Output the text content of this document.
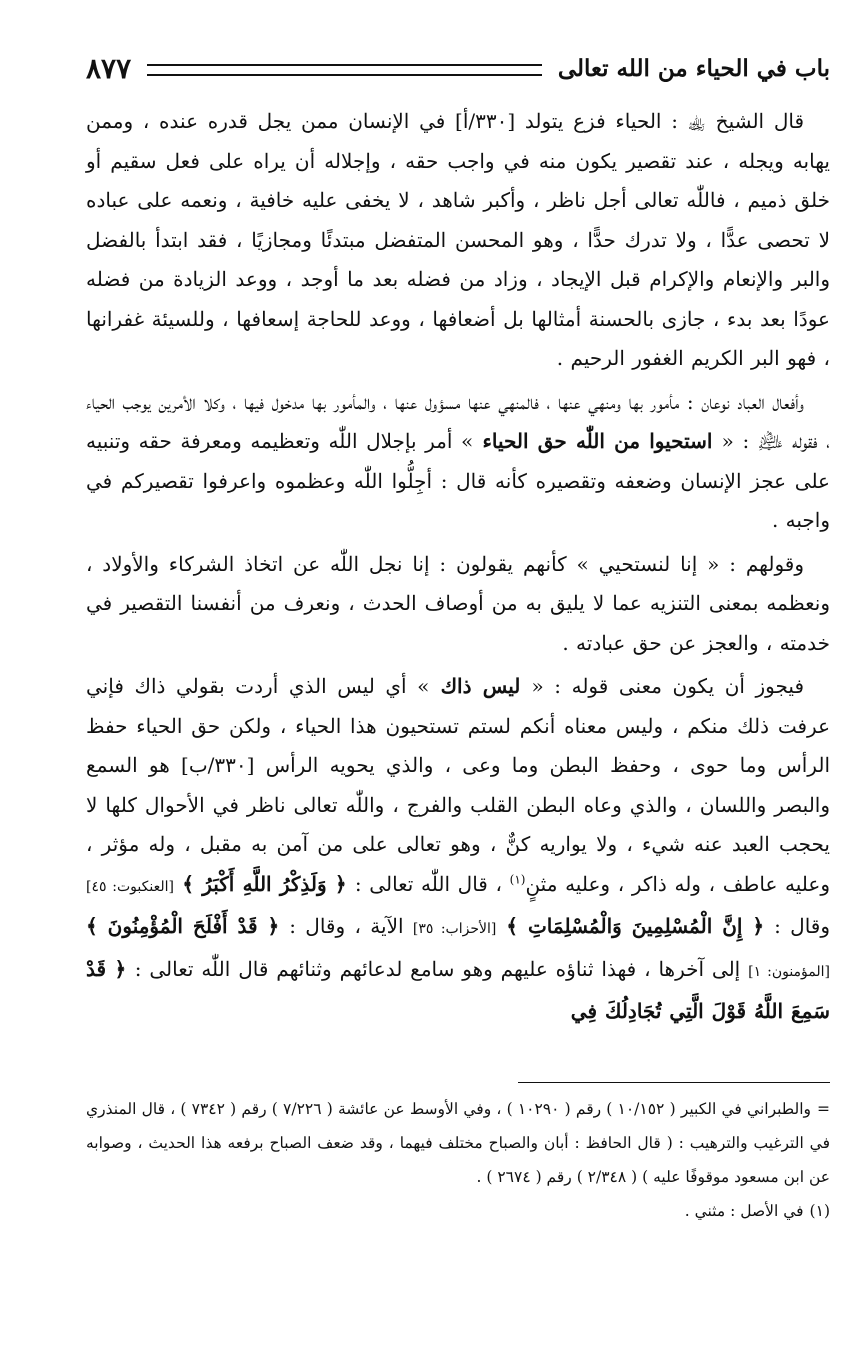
باب في الحياء من الله تعالى
٨٧٧

قال الشيخ ﵀ : الحياء فزع يتولد [٣٣٠/أ] في الإنسان ممن يجل قدره عنده ، وممن يهابه ويجله ، عند تقصير يكون منه في واجب حقه ، وإجلاله أن يراه على فعل سقيم أو خلق ذميم ، فاللّٰه تعالى أجل ناظر ، وأكبر شاهد ، لا يخفى عليه خافية ، ونعمه على عباده لا تحصى عدًّا ، ولا تدرك حدًّا ، وهو المحسن المتفضل مبتدئًا ومجازيًا ، فقد ابتدأ بالفضل والبر والإنعام والإكرام قبل الإيجاد ، وزاد من فضله بعد ما أوجد ، ووعد الزيادة من فضله عودًا بعد بدء ، جازى بالحسنة أمثالها بل أضعافها ، ووعد للحاجة إسعافها ، وللسيئة غفرانها ، فهو البر الكريم الغفور الرحيم .

وأفعال العباد نوعان : مأمور بها ومنهي عنها ، فالمنهي عنها مسؤول عنها ، والمأمور بها مدخول فيها ، وكلا الأمرين يوجب الحياء ، فقوله ﵇ : « استحيوا من اللّٰه حق الحياء » أمر بإجلال اللّٰه وتعظيمه ومعرفة حقه وتنبيه على عجز الإنسان وضعفه وتقصيره كأنه قال : أجِلُّوا اللّٰه وعظموه واعرفوا تقصيركم في واجبه .

وقولهم : « إنا لنستحيي » كأنهم يقولون : إنا نجل اللّٰه عن اتخاذ الشركاء والأولاد ، ونعظمه بمعنى التنزيه عما لا يليق به من أوصاف الحدث ، ونعرف من أنفسنا التقصير في خدمته ، والعجز عن حق عبادته .

فيجوز أن يكون معنى قوله : « ليس ذاك » أي ليس الذي أردت بقولي ذاك فإني عرفت ذلك منكم ، وليس معناه أنكم لستم تستحيون هذا الحياء ، ولكن حق الحياء حفظ الرأس وما حوى ، وحفظ البطن وما وعى ، والذي يحويه الرأس [٣٣٠/ب] هو السمع والبصر واللسان ، والذي وعاه البطن القلب والفرج ، واللّٰه تعالى ناظر في الأحوال كلها لا يحجب العبد عنه شيء ، ولا يواريه كنٌّ ، وهو تعالى على من آمن به مقبل ، وله مؤثر ، وعليه عاطف ، وله ذاكر ، وعليه مثنٍ$^{(١)}$ ، قال اللّٰه تعالى : ﴿ وَلَذِكْرُ اللَّهِ أَكْبَرُ ﴾ [العنكبوت: ٤٥] وقال : ﴿ إِنَّ الْمُسْلِمِينَ وَالْمُسْلِمَاتِ ﴾ [الأحزاب: ٣٥] الآية ، وقال : ﴿ قَدْ أَفْلَحَ الْمُؤْمِنُونَ ﴾ [المؤمنون: ١] إلى آخرها ، فهذا ثناؤه عليهم وهو سامع لدعائهم وثنائهم قال اللّٰه تعالى : ﴿ قَدْ سَمِعَ اللَّهُ قَوْلَ الَّتِي تُجَادِلُكَ فِي

=والطبراني في الكبير ( ١٠/١٥٢ ) رقم ( ١٠٢٩٠ ) ، وفي الأوسط عن عائشة ( ٧/٢٢٦ ) رقم ( ٧٣٤٢ ) ، قال المنذري في الترغيب والترهيب : ( قال الحافظ : أبان والصباح مختلف فيهما ، وقد ضعف الصباح برفعه هذا الحديث ، وصوابه عن ابن مسعود موقوفًا عليه ) ( ٢/٣٤٨ ) رقم ( ٢٦٧٤ ) .

(١)في الأصل : مثني .
